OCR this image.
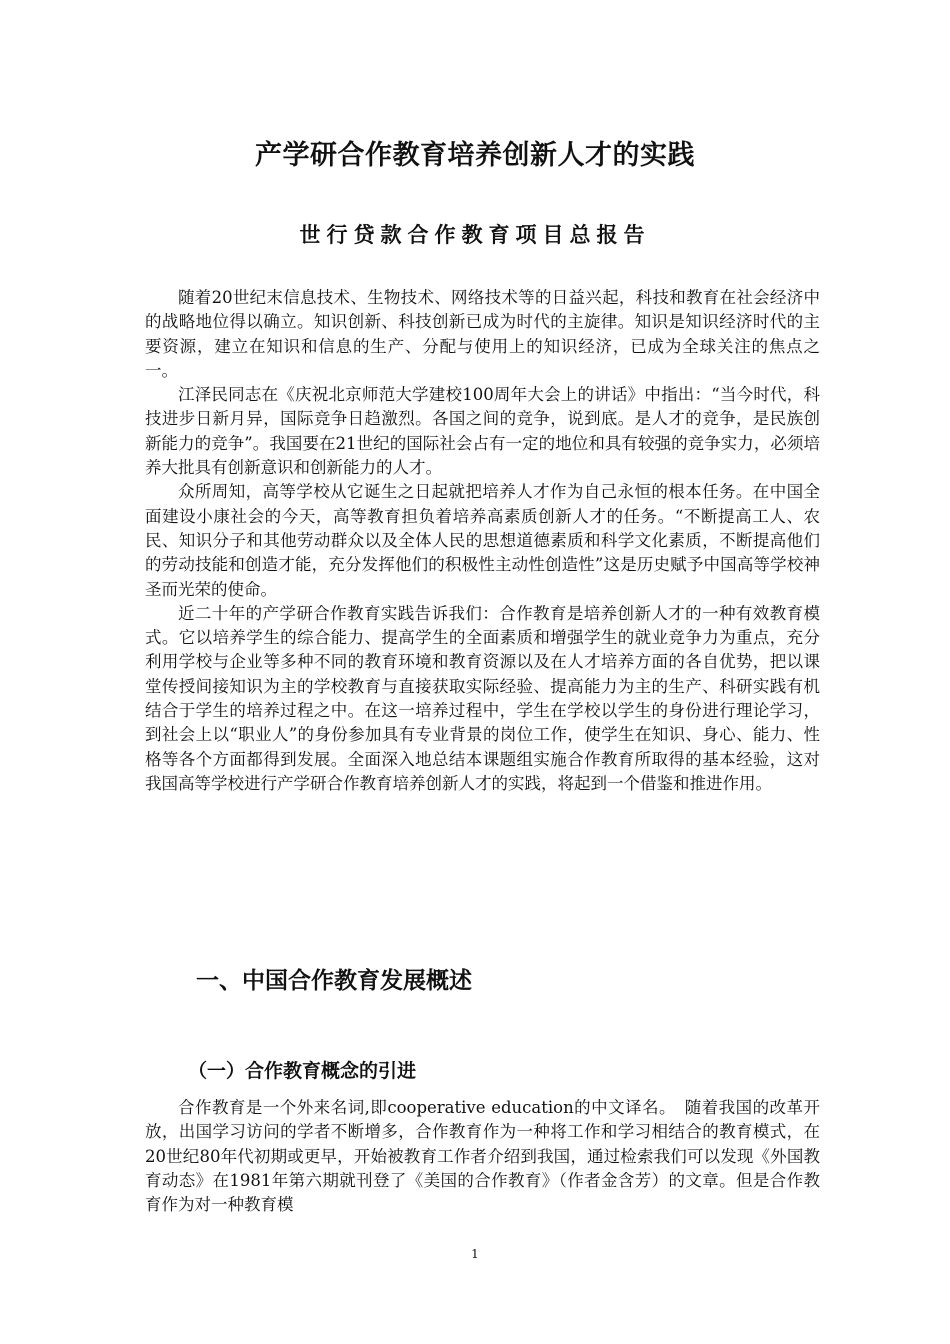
产学研合作教育培养创新人才的实践
世行贷款合作教育项目总报告

随着20世纪末信息技术、生物技术、网络技术等的日益兴起，科技和教育在社会经济中的战略地位得以确立。知识创新、科技创新已成为时代的主旋律。知识是知识经济时代的主要资源，建立在知识和信息的生产、分配与使用上的知识经济，已成为全球关注的焦点之一。

江泽民同志在《庆祝北京师范大学建校100周年大会上的讲话》中指出：“当今时代，科技进步日新月异，国际竞争日趋激烈。各国之间的竞争，说到底。是人才的竞争，是民族创新能力的竞争”。我国要在21世纪的国际社会占有一定的地位和具有较强的竞争实力，必须培养大批具有创新意识和创新能力的人才。

众所周知，高等学校从它诞生之日起就把培养人才作为自己永恒的根本任务。在中国全面建设小康社会的今天，高等教育担负着培养高素质创新人才的任务。“不断提高工人、农民、知识分子和其他劳动群众以及全体人民的思想道德素质和科学文化素质，不断提高他们的劳动技能和创造才能，充分发挥他们的积极性主动性创造性”这是历史赋予中国高等学校神圣而光荣的使命。

近二十年的产学研合作教育实践告诉我们：合作教育是培养创新人才的一种有效教育模式。它以培养学生的综合能力、提高学生的全面素质和增强学生的就业竞争力为重点，充分利用学校与企业等多种不同的教育环境和教育资源以及在人才培养方面的各自优势，把以课堂传授间接知识为主的学校教育与直接获取实际经验、提高能力为主的生产、科研实践有机结合于学生的培养过程之中。在这一培养过程中，学生在学校以学生的身份进行理论学习，到社会上以“职业人”的身份参加具有专业背景的岗位工作，使学生在知识、身心、能力、性格等各个方面都得到发展。全面深入地总结本课题组实施合作教育所取得的基本经验，这对我国高等学校进行产学研合作教育培养创新人才的实践，将起到一个借鉴和推进作用。

一、中国合作教育发展概述
（一）合作教育概念的引进

合作教育是一个外来名词,即cooperative education的中文译名。　随着我国的改革开放，出国学习访问的学者不断增多，合作教育作为一种将工作和学习相结合的教育模式，在20世纪80年代初期或更早，开始被教育工作者介绍到我国，通过检索我们可以发现《外国教育动态》在1981年第六期就刊登了《美国的合作教育》（作者金含芳）的文章。但是合作教育作为对一种教育模

1
